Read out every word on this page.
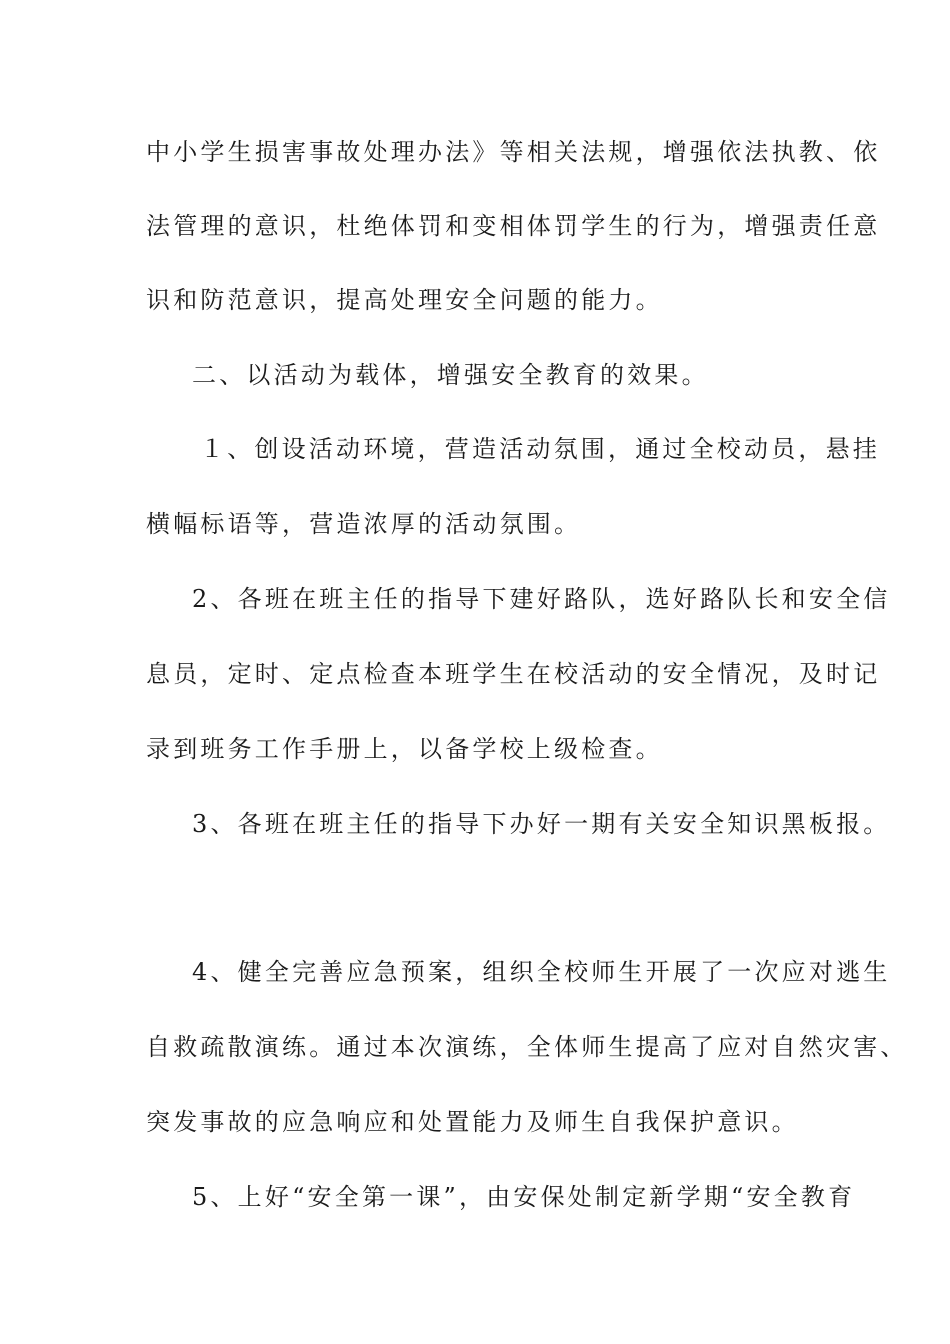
中小学生损害事故处理办法》等相关法规，增强依法执教、依
法管理的意识，杜绝体罚和变相体罚学生的行为，增强责任意
识和防范意识，提高处理安全问题的能力。
二、以活动为载体，增强安全教育的效果。
１、创设活动环境，营造活动氛围，通过全校动员，悬挂
横幅标语等，营造浓厚的活动氛围。
2、各班在班主任的指导下建好路队，选好路队长和安全信
息员，定时、定点检查本班学生在校活动的安全情况，及时记
录到班务工作手册上，以备学校上级检查。
3、各班在班主任的指导下办好一期有关安全知识黑板报。
4、健全完善应急预案，组织全校师生开展了一次应对逃生
自救疏散演练。通过本次演练，全体师生提高了应对自然灾害、
突发事故的应急响应和处置能力及师生自我保护意识。
5、上好“安全第一课”，由安保处制定新学期“安全教育
